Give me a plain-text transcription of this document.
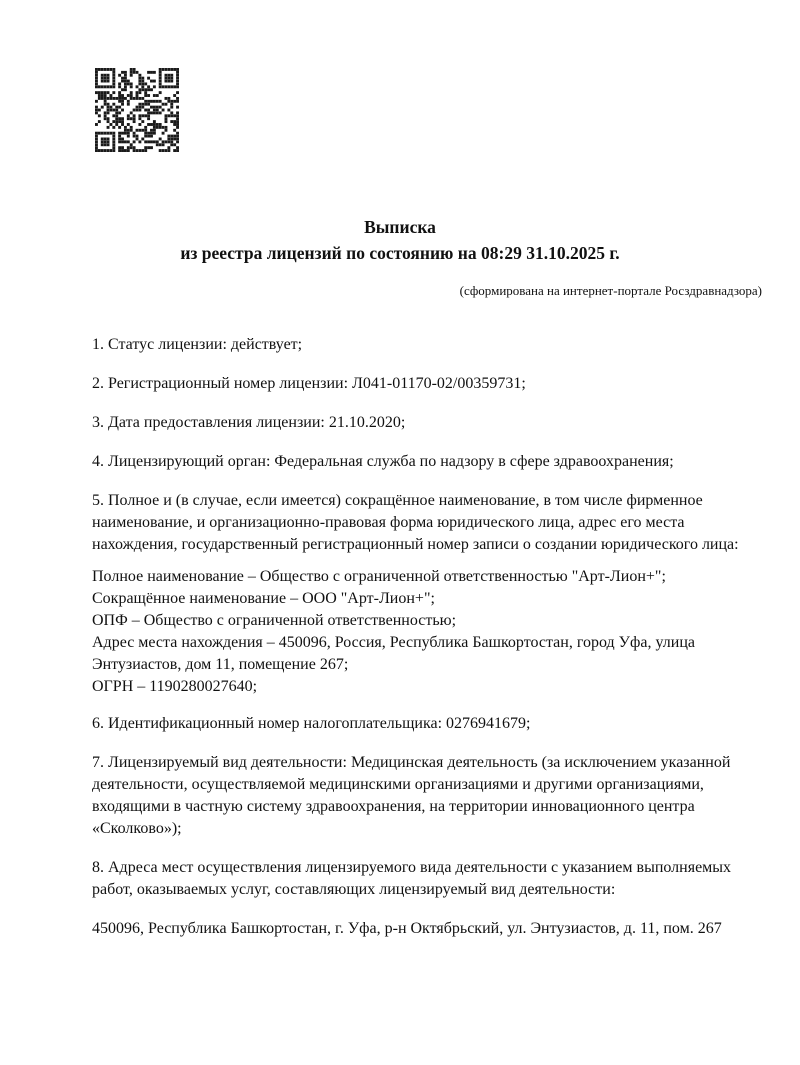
Выписка
из реестра лицензий по состоянию на 08:29 31.10.2025 г.
(сформирована на интернет-портале Росздравнадзора)

1. Статус лицензии: действует;

2. Регистрационный номер лицензии: Л041-01170-02/00359731;

3. Дата предоставления лицензии: 21.10.2020;

4. Лицензирующий орган: Федеральная служба по надзору в сфере здравоохранения;

5. Полное и (в случае, если имеется) сокращённое наименование, в том числе фирменное наименование, и организационно-правовая форма юридического лица, адрес его места нахождения, государственный регистрационный номер записи о создании юридического лица:

Полное наименование – Общество с ограниченной ответственностью "Арт-Лион+";
Сокращённое наименование – ООО "Арт-Лион+";
ОПФ – Общество с ограниченной ответственностью;
Адрес места нахождения – 450096, Россия, Республика Башкортостан, город Уфа, улица Энтузиастов, дом 11, помещение 267;
ОГРН – 1190280027640;

6. Идентификационный номер налогоплательщика: 0276941679;

7. Лицензируемый вид деятельности: Медицинская деятельность (за исключением указанной деятельности, осуществляемой медицинскими организациями и другими организациями, входящими в частную систему здравоохранения, на территории инновационного центра «Сколково»);

8. Адреса мест осуществления лицензируемого вида деятельности с указанием выполняемых работ, оказываемых услуг, составляющих лицензируемый вид деятельности:

450096, Республика Башкортостан, г. Уфа, р-н Октябрьский, ул. Энтузиастов, д. 11, пом. 267
